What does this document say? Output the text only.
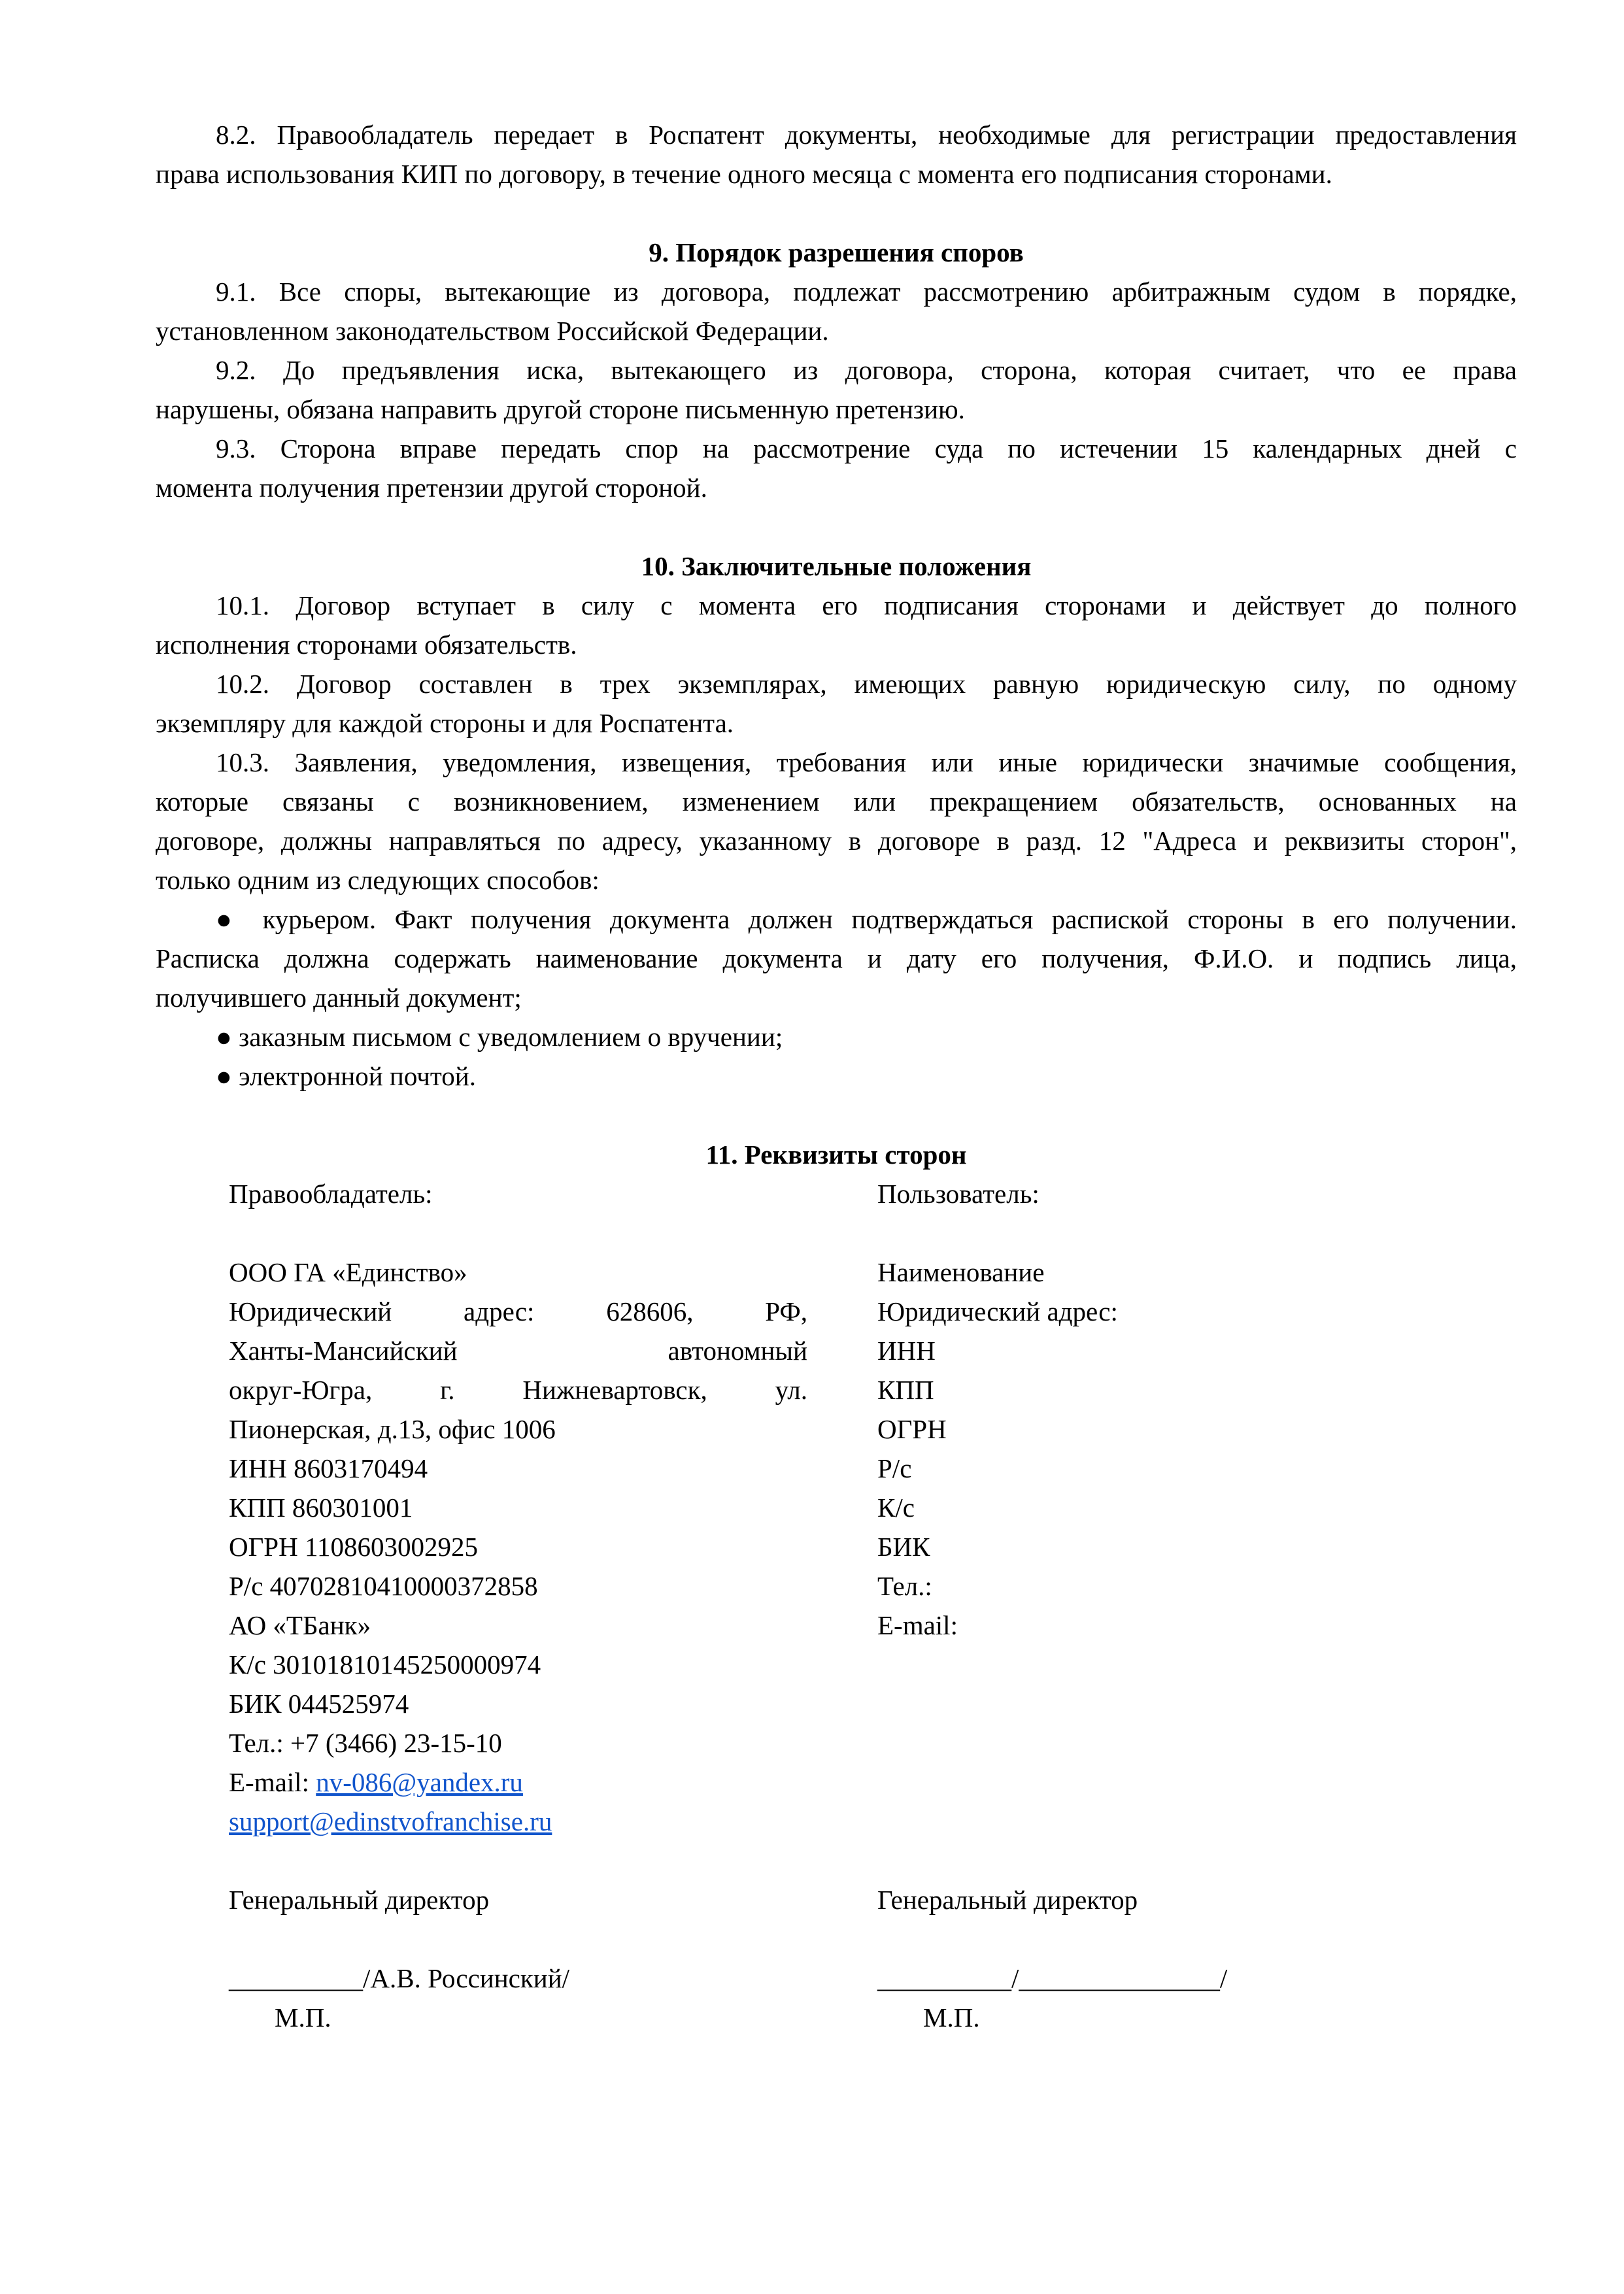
8.2. Правообладатель передает в Роспатент документы, необходимые для регистрации предоставления
права использования КИП по договору, в течение одного месяца с момента его подписания сторонами.
9. Порядок разрешения споров
9.1. Все споры, вытекающие из договора, подлежат рассмотрению арбитражным судом в порядке,
установленном законодательством Российской Федерации.
9.2. До предъявления иска, вытекающего из договора, сторона, которая считает, что ее права
нарушены, обязана направить другой стороне письменную претензию.
9.3. Сторона вправе передать спор на рассмотрение суда по истечении 15 календарных дней с
момента получения претензии другой стороной.
10. Заключительные положения
10.1. Договор вступает в силу с момента его подписания сторонами и действует до полного
исполнения сторонами обязательств.
10.2. Договор составлен в трех экземплярах, имеющих равную юридическую силу, по одному
экземпляру для каждой стороны и для Роспатента.
10.3. Заявления, уведомления, извещения, требования или иные юридически значимые сообщения,
которые связаны с возникновением, изменением или прекращением обязательств, основанных на
договоре, должны направляться по адресу, указанному в договоре в разд. 12 "Адреса и реквизиты сторон",
только одним из следующих способов:
● курьером. Факт получения документа должен подтверждаться распиской стороны в его получении.
Расписка должна содержать наименование документа и дату его получения, Ф.И.О. и подпись лица,
получившего данный документ;
● заказным письмом с уведомлением о вручении;
● электронной почтой.
11. Реквизиты сторон
Правообладатель:
ООО ГА «Единство»
Юридический адрес: 628606, РФ,
Ханты-Мансийский автономный
округ-Югра, г. Нижневартовск, ул.
Пионерская, д.13, офис 1006
ИНН 8603170494
КПП 860301001
ОГРН 1108603002925
Р/с 40702810410000372858
АО «ТБанк»
К/с 30101810145250000974
БИК 044525974
Тел.: +7 (3466) 23-15-10
E-mail: nv-086@yandex.ru
support@edinstvofranchise.ru
Генеральный директор
__________/А.В. Россинский/
М.П.
Пользователь:
Наименование
Юридический адрес:
ИНН
КПП
ОГРН
Р/с
К/с
БИК
Тел.:
E-mail:
Генеральный директор
__________/_______________/
М.П.
